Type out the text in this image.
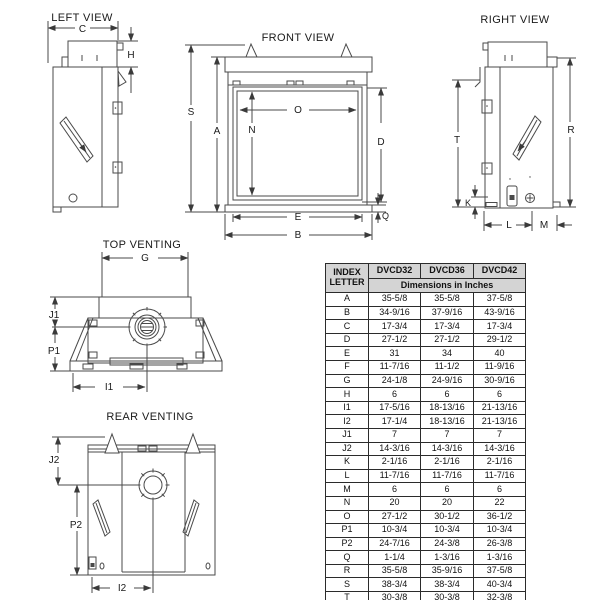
LEFT VIEW
C
H
FRONT VIEW
S
A
O
N
D
Q
E
B
RIGHT VIEW
T
R
K
L	M
TOP VENTING
G
J1
P1
I1
REAR VENTING
J2
P2
I2
INDEX
LETTER	DVCD32	DVCD36	DVCD42
	Dimensions in Inches		
A	35-5/8	35-5/8	37-5/8
B	34-9/16	37-9/16	43-9/16
C	17-3/4	17-3/4	17-3/4
D	27-1/2	27-1/2	29-1/2
E	31	34	40
F	11-7/16	11-1/2	11-9/16
G	24-1/8	24-9/16	30-9/16
H	6	6	6
I1	17-5/16	18-13/16	21-13/16
I2	17-1/4	18-13/16	21-13/16
J1	7	7	7
J2	14-3/16	14-3/16	14-3/16
K	2-1/16	2-1/16	2-1/16
L	11-7/16	11-7/16	11-7/16
M	6	6	6
N	20	20	22
O	27-1/2	30-1/2	36-1/2
P1	10-3/4	10-3/4	10-3/4
P2	24-7/16	24-3/8	26-3/8
Q	1-1/4	1-3/16	1-3/16
R	35-5/8	35-9/16	37-5/8
S	38-3/4	38-3/4	40-3/4
T	30-3/8	30-3/8	32-3/8
